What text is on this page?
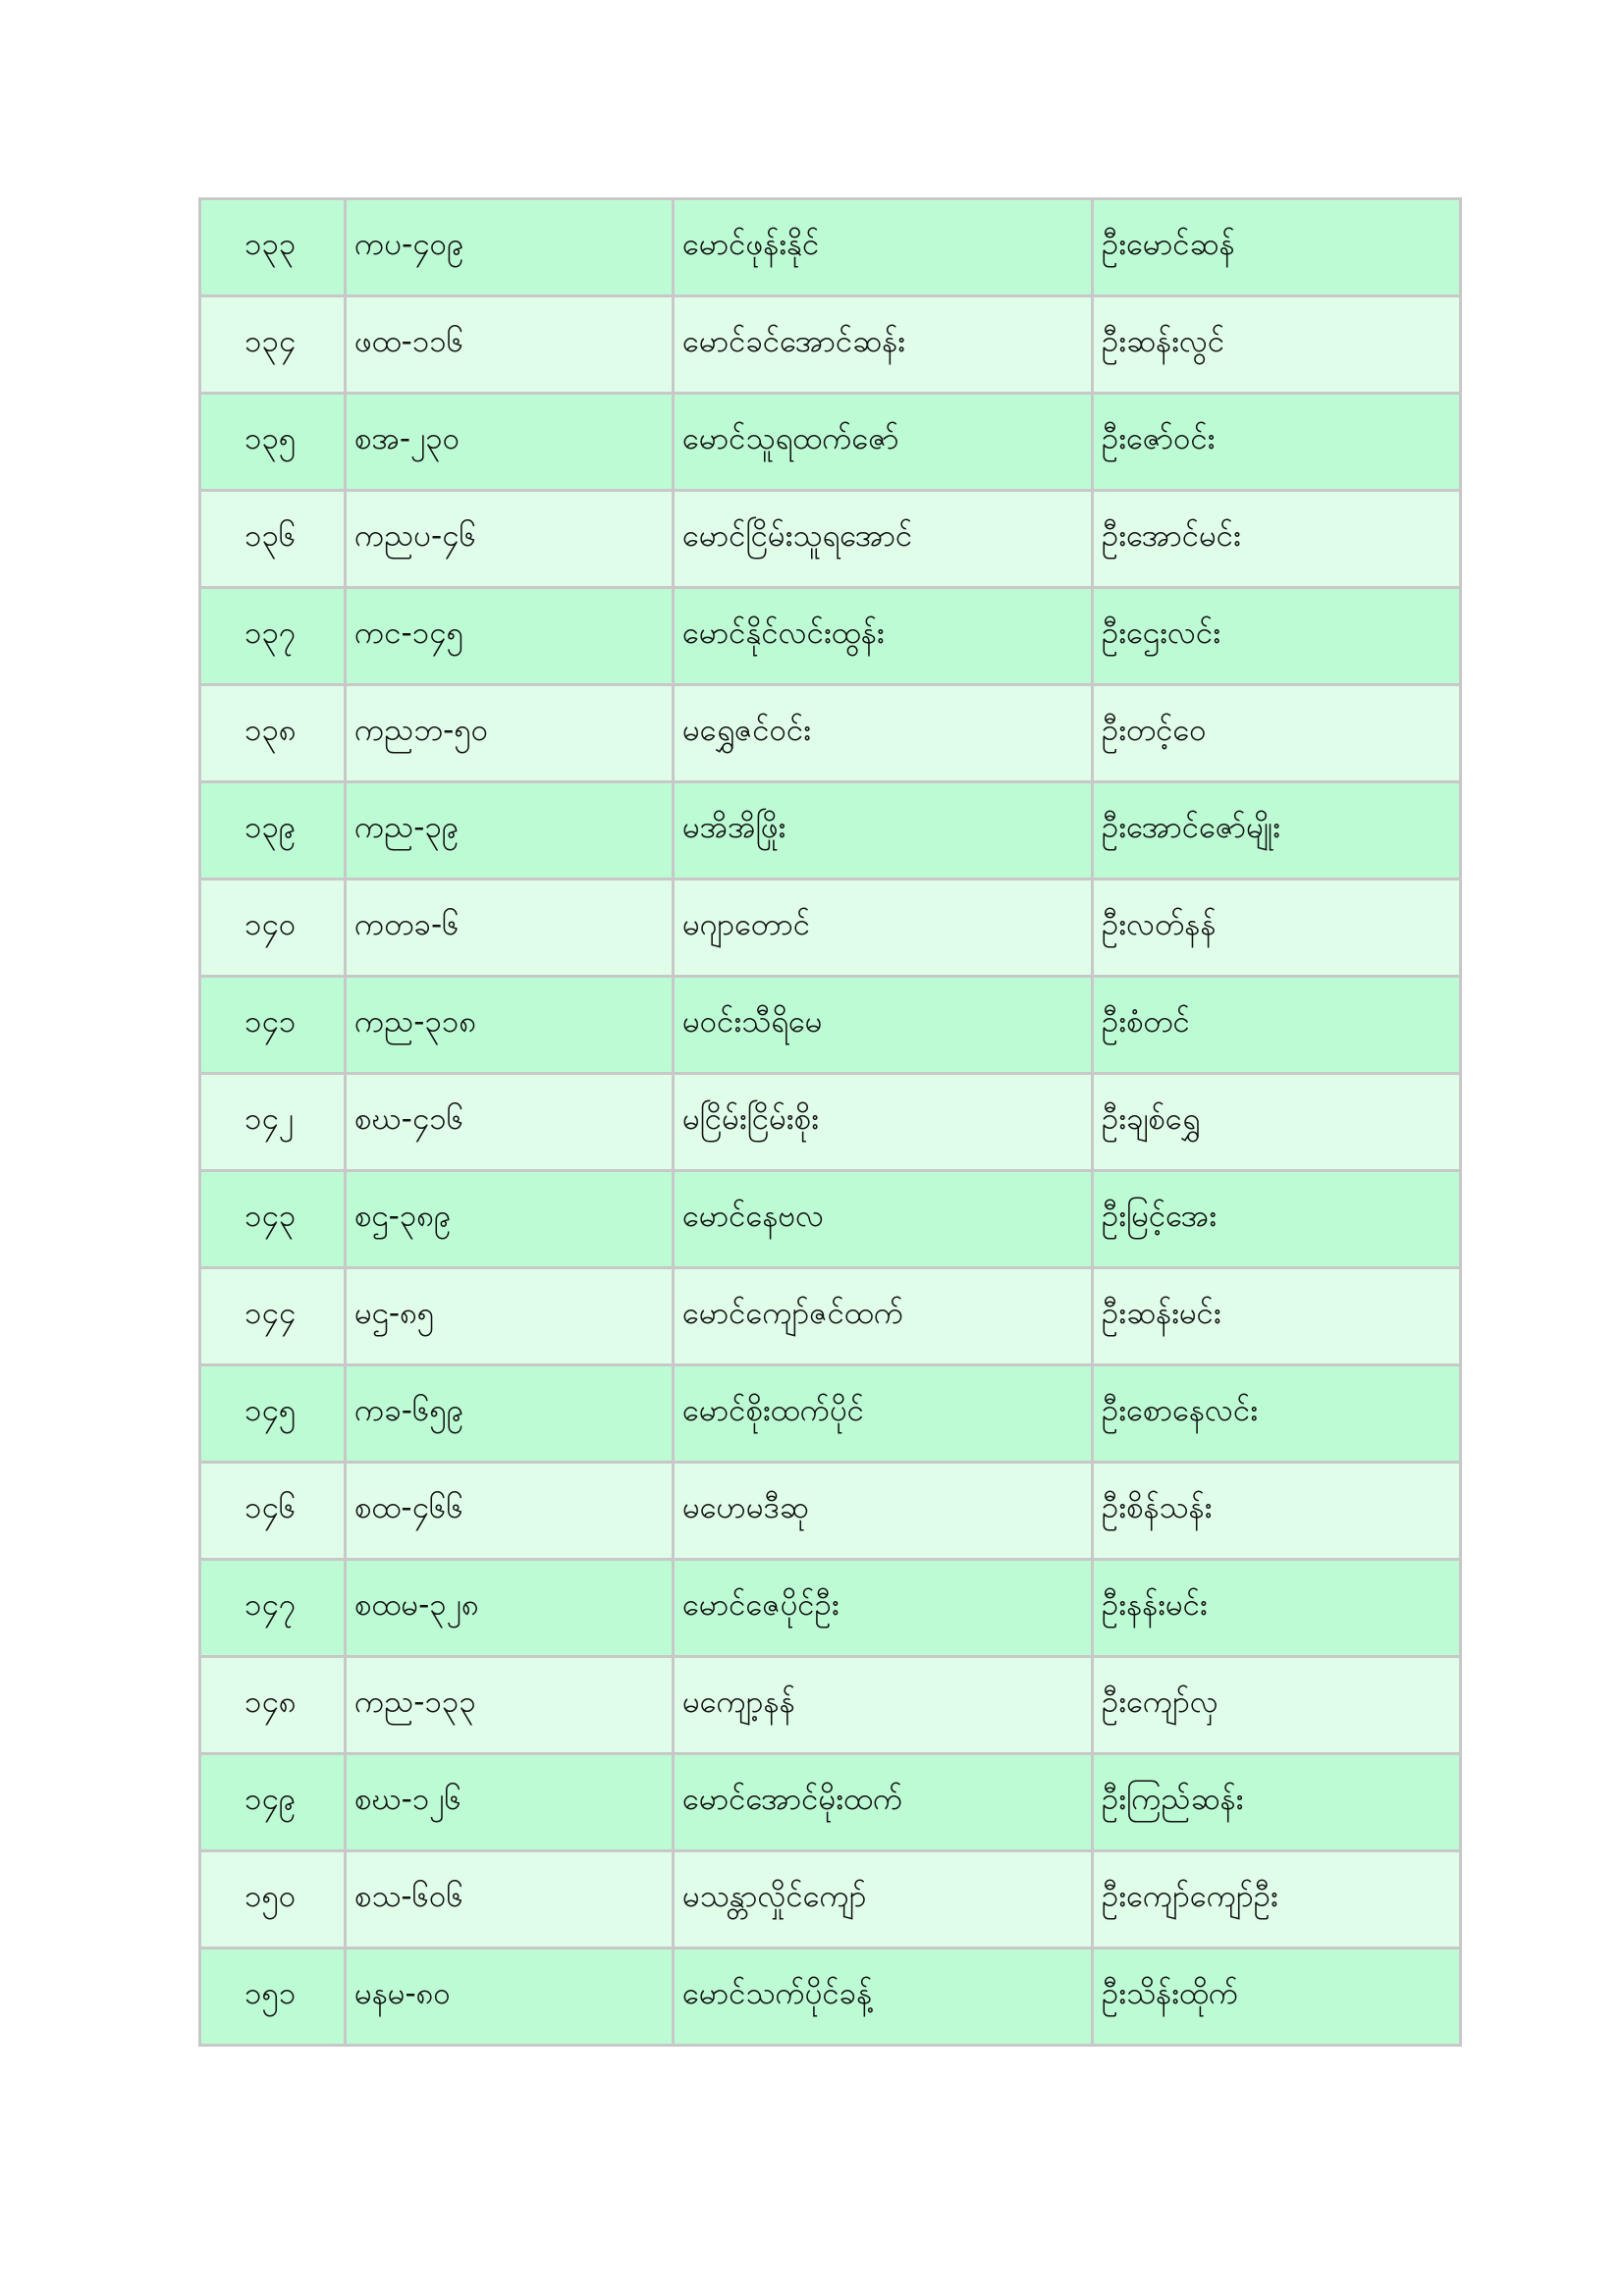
၁၃၃	ကပ-၄၀၉	မောင်ဖုန်းနိုင်	ဦးမောင်ဆန်
၁၃၄	ဖထ-၁၁၆	မောင်ခင်အောင်ဆန်း	ဦးဆန်းလွင်
၁၃၅	စအ-၂၃၀	မောင်သူရထက်ဇော်	ဦးဇော်ဝင်း
၁၃၆	ကညပ-၄၆	မောင်ငြိမ်းသူရအောင်	ဦးအောင်မင်း
၁၃၇	ကင-၁၄၅	မောင်နိုင်လင်းထွန်း	ဦးဌေးလင်း
၁၃၈	ကညဘ-၅၀	မရွှေဇင်ဝင်း	ဦးတင့်ဝေ
၁၃၉	ကည-၃၉	မအိအိဖြိုး	ဦးအောင်ဇော်မျိုး
၁၄၀	ကတခ-၆	မဂျာတောင်	ဦးလတ်နန်
၁၄၁	ကည-၃၁၈	မဝင်းသီရိမေ	ဦးစံတင်
၁၄၂	စဃ-၄၁၆	မငြိမ်းငြိမ်းစိုး	ဦးချစ်ရွှေ
၁၄၃	စဌ-၃၈၉	မောင်နေဗလ	ဦးမြင့်အေး
၁၄၄	မဌ-၈၅	မောင်ကျော်ဇင်ထက်	ဦးဆန်းမင်း
၁၄၅	ကခ-၆၅၉	မောင်စိုးထက်ပိုင်	ဦးစောနေလင်း
၁၄၆	စထ-၄၆၆	မဟေမဒီဆု	ဦးစိန်သန်း
၁၄၇	စထမ-၃၂၈	မောင်ဇေပိုင်ဦး	ဦးနန်းမင်း
၁၄၈	ကည-၁၃၃	မကျော့နန်	ဦးကျော်လှ
၁၄၉	စဃ-၁၂၆	မောင်အောင်မိုးထက်	ဦးကြည်ဆန်း
၁၅၀	စသ-၆၀၆	မသန္တာလှိုင်ကျော်	ဦးကျော်ကျော်ဦး
၁၅၁	မနမ-၈၀	မောင်သက်ပိုင်ခန့်	ဦးသိန်းထိုက်
